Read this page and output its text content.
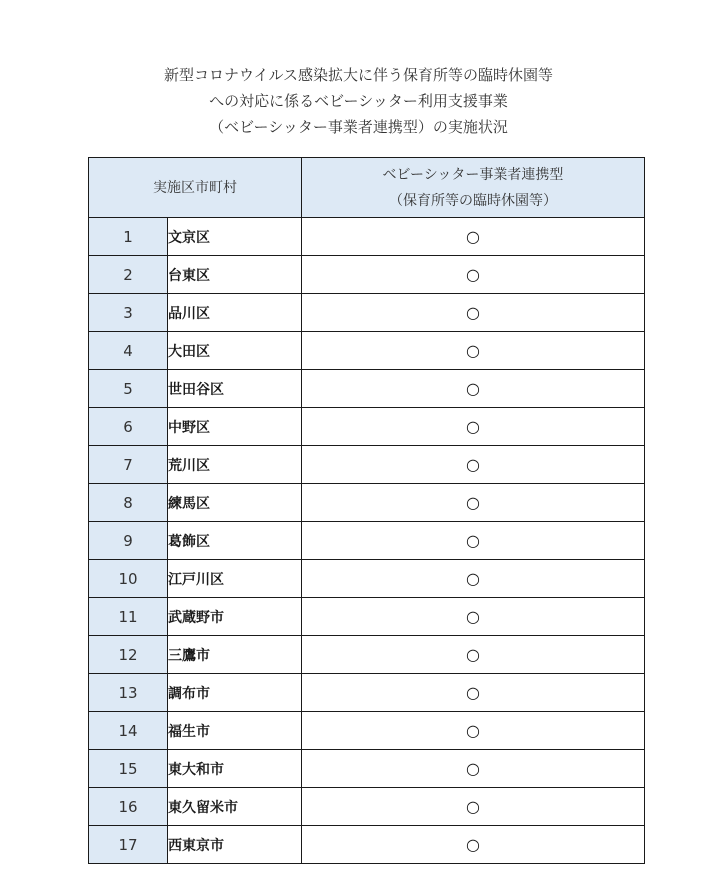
新型コロナウイルス感染拡大に伴う保育所等の臨時休園等
への対応に係るベビーシッター利用支援事業
（ベビーシッター事業者連携型）の実施状況
実施区市町村		ベビーシッター事業者連携型
（保育所等の臨時休園等）

1	文京区	○
2	台東区	○
3	品川区	○
4	大田区	○
5	世田谷区	○
6	中野区	○
7	荒川区	○
8	練馬区	○
9	葛飾区	○
10	江戸川区	○
11	武蔵野市	○
12	三鷹市	○
13	調布市	○
14	福生市	○
15	東大和市	○
16	東久留米市	○
17	西東京市	○
